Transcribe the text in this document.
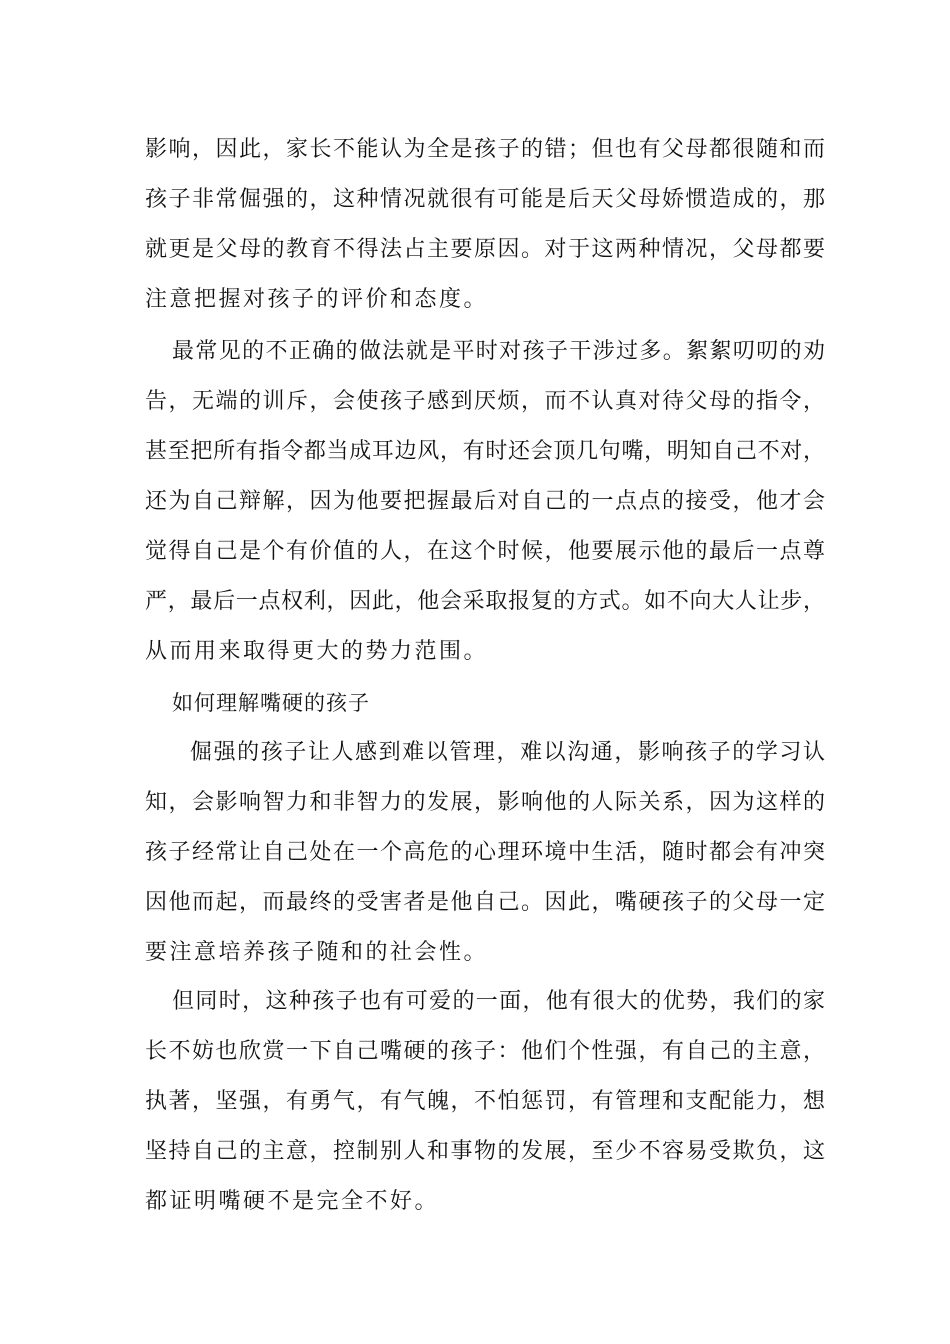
影响，因此，家长不能认为全是孩子的错；但也有父母都很随和而
孩子非常倔强的，这种情况就很有可能是后天父母娇惯造成的，那
就更是父母的教育不得法占主要原因。对于这两种情况，父母都要
注意把握对孩子的评价和态度。
最常见的不正确的做法就是平时对孩子干涉过多。絮絮叨叨的劝
告，无端的训斥，会使孩子感到厌烦，而不认真对待父母的指令，
甚至把所有指令都当成耳边风，有时还会顶几句嘴，明知自己不对，
还为自己辩解，因为他要把握最后对自己的一点点的接受，他才会
觉得自己是个有价值的人，在这个时候，他要展示他的最后一点尊
严，最后一点权利，因此，他会采取报复的方式。如不向大人让步，
从而用来取得更大的势力范围。
如何理解嘴硬的孩子
倔强的孩子让人感到难以管理，难以沟通，影响孩子的学习认
知，会影响智力和非智力的发展，影响他的人际关系，因为这样的
孩子经常让自己处在一个高危的心理环境中生活，随时都会有冲突
因他而起，而最终的受害者是他自己。因此，嘴硬孩子的父母一定
要注意培养孩子随和的社会性。
但同时，这种孩子也有可爱的一面，他有很大的优势，我们的家
长不妨也欣赏一下自己嘴硬的孩子：他们个性强，有自己的主意，
执著，坚强，有勇气，有气魄，不怕惩罚，有管理和支配能力，想
坚持自己的主意，控制别人和事物的发展，至少不容易受欺负，这
都证明嘴硬不是完全不好。
